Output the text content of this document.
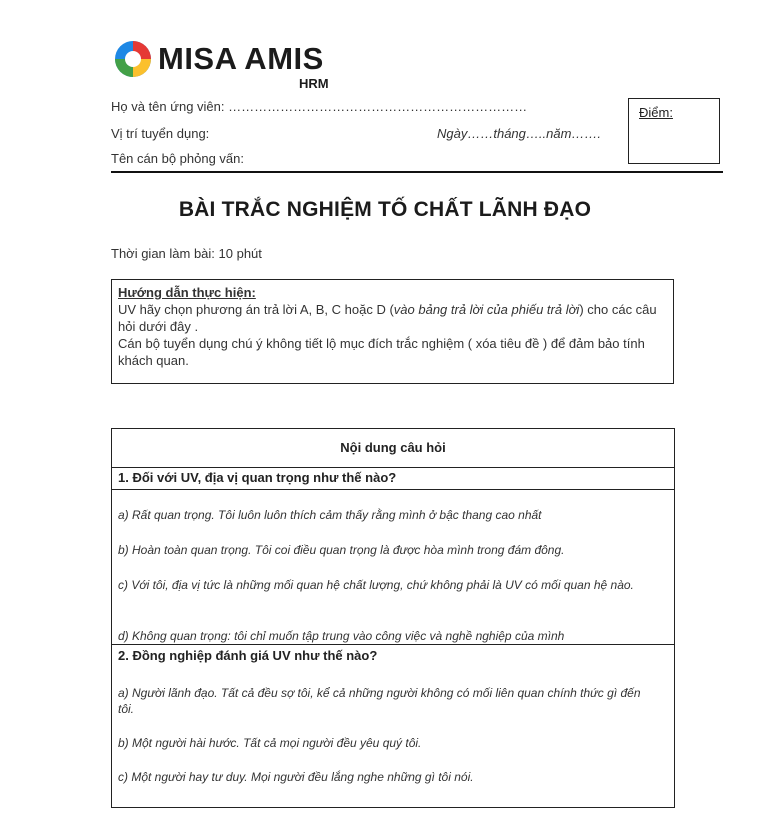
MISA AMIS
HRM
Họ và tên ứng viên: ……………………………………………………………
Vị trí tuyển dụng:	Ngày……tháng…..năm…….
Tên cán bộ phỏng vấn:
Điểm:
BÀI TRẮC NGHIỆM TỐ CHẤT LÃNH ĐẠO
Thời gian làm bài: 10 phút
Hướng dẫn thực hiện:
UV hãy chọn phương án trả lời A, B, C hoặc D (vào bảng trả lời của phiếu trả lời) cho các câu hỏi dưới đây .
Cán bộ tuyển dụng chú ý không tiết lộ mục đích trắc nghiệm ( xóa tiêu đề ) để đảm bảo tính khách quan.
Nội dung câu hỏi
1. Đối với UV, địa vị quan trọng như thế nào?
a) Rất quan trọng. Tôi luôn luôn thích cảm thấy rằng mình ở bậc thang cao nhất
b) Hoàn toàn quan trọng. Tôi coi điều quan trọng là được hòa mình trong đám đông.
c) Với tôi, địa vị tức là những mối quan hệ chất lượng, chứ không phải là UV có mối quan hệ nào.
d) Không quan trọng: tôi chỉ muốn tập trung vào công việc và nghề nghiệp của mình
2. Đồng nghiệp đánh giá UV như thế nào?
a) Người lãnh đạo. Tất cả đều sợ tôi, kể cả những người không có mối liên quan chính thức gì đến tôi.
b) Một người hài hước. Tất cả mọi người đều yêu quý tôi.
c) Một người hay tư duy. Mọi người đều lắng nghe những gì tôi nói.
